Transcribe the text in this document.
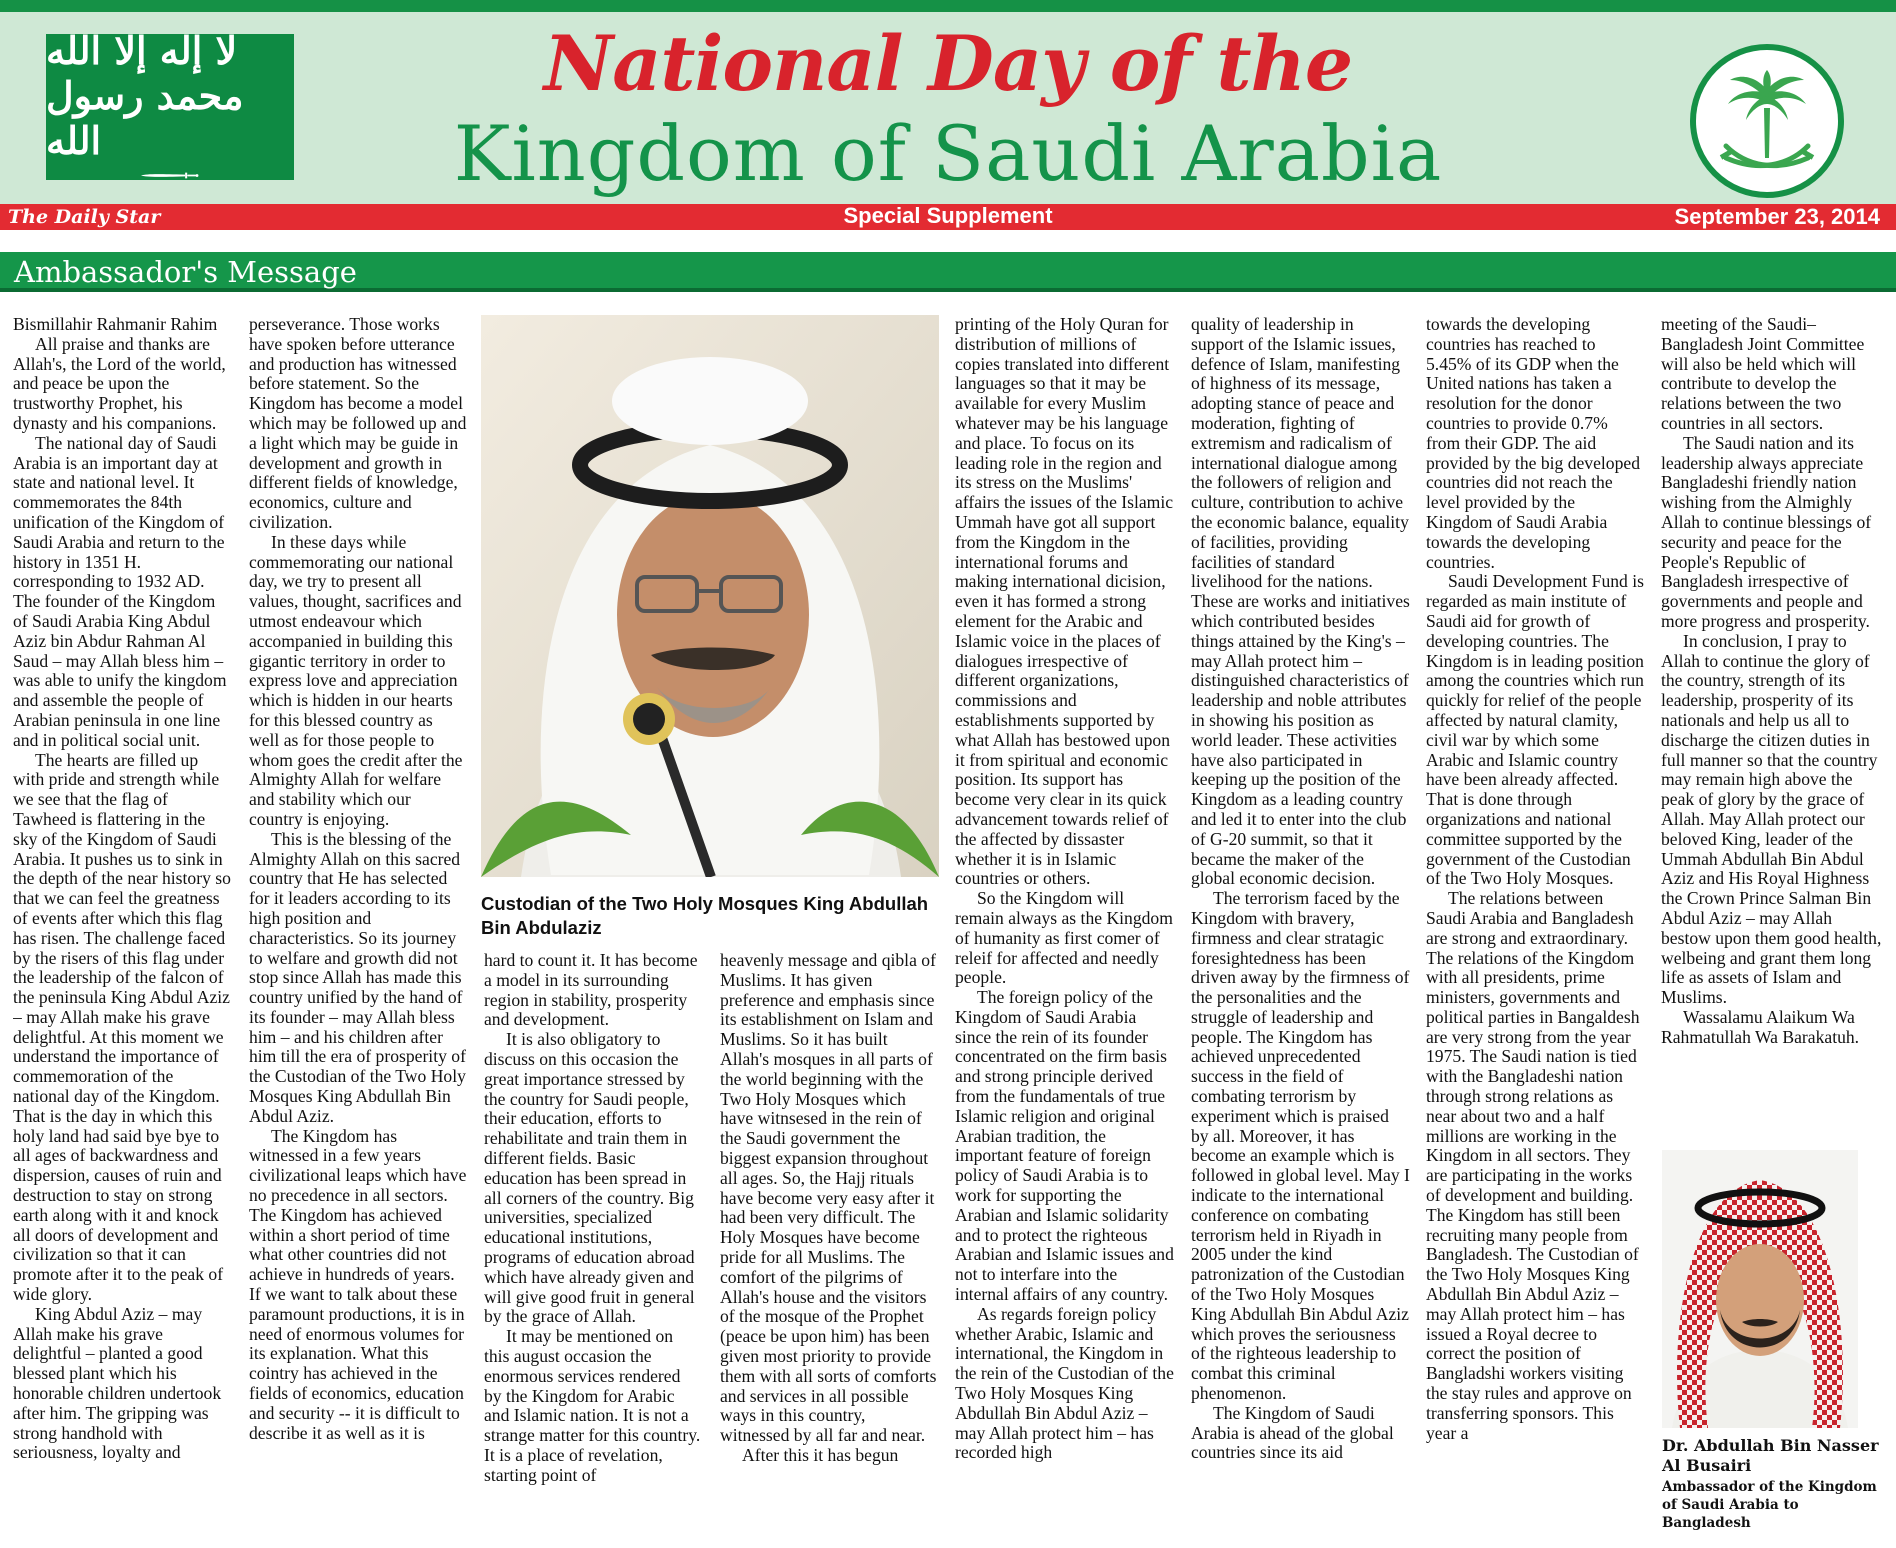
لا إله إلا الله محمد رسول الله
National Day of the
Kingdom of Saudi Arabia
The Daily Star	Special Supplement	September 23, 2014
Ambassador's Message

Bismillahir Rahmanir Rahim

All praise and thanks are Allah's, the Lord of the world, and peace be upon the trustworthy Prophet, his dynasty and his companions.

The national day of Saudi Arabia is an important day at state and national level. It commemorates the 84th unification of the Kingdom of Saudi Arabia and return to the history in 1351 H. corresponding to 1932 AD. The founder of the Kingdom of Saudi Arabia King Abdul Aziz bin Abdur Rahman Al Saud – may Allah bless him – was able to unify the kingdom and assemble the people of Arabian peninsula in one line and in political social unit.

The hearts are filled up with pride and strength while we see that the flag of Tawheed is flattering in the sky of the Kingdom of Saudi Arabia. It pushes us to sink in the depth of the near history so that we can feel the greatness of events after which this flag has risen. The challenge faced by the risers of this flag under the leadership of the falcon of the peninsula King Abdul Aziz – may Allah make his grave delightful. At this moment we understand the importance of commemoration of the national day of the Kingdom. That is the day in which this holy land had said bye bye to all ages of backwardness and dispersion, causes of ruin and destruction to stay on strong earth along with it and knock all doors of development and civilization so that it can promote after it to the peak of wide glory.

King Abdul Aziz – may Allah make his grave delightful – planted a good blessed plant which his honorable children undertook after him. The gripping was strong handhold with seriousness, loyalty and

perseverance. Those works have spoken before utterance and production has witnessed before statement. So the Kingdom has become a model which may be followed up and a light which may be guide in development and growth in different fields of knowledge, economics, culture and civilization.

In these days while commemorating our national day, we try to present all values, thought, sacrifices and utmost endeavour which accompanied in building this gigantic territory in order to express love and appreciation which is hidden in our hearts for this blessed country as well as for those people to whom goes the credit after the Almighty Allah for welfare and stability which our country is enjoying.

This is the blessing of the Almighty Allah on this sacred country that He has selected for it leaders according to its high position and characteristics. So its journey to welfare and growth did not stop since Allah has made this country unified by the hand of its founder – may Allah bless him – and his children after him till the era of prosperity of the Custodian of the Two Holy Mosques King Abdullah Bin Abdul Aziz.

The Kingdom has witnessed in a few years civilizational leaps which have no precedence in all sectors. The Kingdom has achieved within a short period of time what other countries did not achieve in hundreds of years. If we want to talk about these paramount productions, it is in need of enormous volumes for its explanation. What this cointry has achieved in the fields of economics, education and security -- it is difficult to describe it as well as it is

Custodian of the Two Holy Mosques King Abdullah Bin Abdulaziz

hard to count it. It has become a model in its surrounding region in stability, prosperity and development.

It is also obligatory to discuss on this occasion the great importance stressed by the country for Saudi people, their education, efforts to rehabilitate and train them in different fields. Basic education has been spread in all corners of the country. Big universities, specialized educational institutions, programs of education abroad which have already given and will give good fruit in general by the grace of Allah.

It may be mentioned on this august occasion the enormous services rendered by the Kingdom for Arabic and Islamic nation. It is not a strange matter for this country. It is a place of revelation, starting point of

heavenly message and qibla of Muslims. It has given preference and emphasis since its establishment on Islam and Muslims. So it has built Allah's mosques in all parts of the world beginning with the Two Holy Mosques which have witnsesed in the rein of the Saudi government the biggest expansion throughout all ages. So, the Hajj rituals have become very easy after it had been very difficult. The Holy Mosques have become pride for all Muslims. The comfort of the pilgrims of Allah's house and the visitors of the mosque of the Prophet (peace be upon him) has been given most priority to provide them with all sorts of comforts and services in all possible ways in this country, witnessed by all far and near.

After this it has begun

printing of the Holy Quran for distribution of millions of copies translated into different languages so that it may be available for every Muslim whatever may be his language and place. To focus on its leading role in the region and its stress on the Muslims' affairs the issues of the Islamic Ummah have got all support from the Kingdom in the international forums and making international dicision, even it has formed a strong element for the Arabic and Islamic voice in the places of dialogues irrespective of different organizations, commissions and establishments supported by what Allah has bestowed upon it from spiritual and economic position. Its support has become very clear in its quick advancement towards relief of the affected by dissaster whether it is in Islamic countries or others.

So the Kingdom will remain always as the Kingdom of humanity as first comer of releif for affected and needly people.

The foreign policy of the Kingdom of Saudi Arabia since the rein of its founder concentrated on the firm basis and strong principle derived from the fundamentals of true Islamic religion and original Arabian tradition, the important feature of foreign policy of Saudi Arabia is to work for supporting the Arabian and Islamic solidarity and to protect the righteous Arabian and Islamic issues and not to interfare into the internal affairs of any country.

As regards foreign policy whether Arabic, Islamic and international, the Kingdom in the rein of the Custodian of the Two Holy Mosques King Abdullah Bin Abdul Aziz – may Allah protect him – has recorded high

quality of leadership in support of the Islamic issues, defence of Islam, manifesting of highness of its message, adopting stance of peace and moderation, fighting of extremism and radicalism of international dialogue among the followers of religion and culture, contribution to achive the economic balance, equality of facilities, providing facilities of standard livelihood for the nations. These are works and initiatives which contributed besides things attained by the King's – may Allah protect him – distinguished characteristics of leadership and noble attributes in showing his position as world leader. These activities have also participated in keeping up the position of the Kingdom as a leading country and led it to enter into the club of G-20 summit, so that it became the maker of the global economic decision.

The terrorism faced by the Kingdom with bravery, firmness and clear stratagic foresightedness has been driven away by the firmness of the personalities and the struggle of leadership and people. The Kingdom has achieved unprecedented success in the field of combating terrorism by experiment which is praised by all. Moreover, it has become an example which is followed in global level. May I indicate to the international conference on combating terrorism held in Riyadh in 2005 under the kind patronization of the Custodian of the Two Holy Mosques King Abdullah Bin Abdul Aziz which proves the seriousness of the righteous leadership to combat this criminal phenomenon.

The Kingdom of Saudi Arabia is ahead of the global countries since its aid

towards the developing countries has reached to 5.45% of its GDP when the United nations has taken a resolution for the donor countries to provide 0.7% from their GDP. The aid provided by the big developed countries did not reach the level provided by the Kingdom of Saudi Arabia towards the developing countries.

Saudi Development Fund is regarded as main institute of Saudi aid for growth of developing countries. The Kingdom is in leading position among the countries which run quickly for relief of the people affected by natural clamity, civil war by which some Arabic and Islamic country have been already affected. That is done through organizations and national committee supported by the government of the Custodian of the Two Holy Mosques.

The relations between Saudi Arabia and Bangladesh are strong and extraordinary. The relations of the Kingdom with all presidents, prime ministers, governments and political parties in Bangaldesh are very strong from the year 1975. The Saudi nation is tied with the Bangladeshi nation through strong relations as near about two and a half millions are working in the Kingdom in all sectors. They are participating in the works of development and building. The Kingdom has still been recruiting many people from Bangladesh. The Custodian of the Two Holy Mosques King Abdullah Bin Abdul Aziz – may Allah protect him – has issued a Royal decree to correct the position of Bangladshi workers visiting the stay rules and approve on transferring sponsors. This year a

meeting of the Saudi–Bangladesh Joint Committee will also be held which will contribute to develop the relations between the two countries in all sectors.

The Saudi nation and its leadership always appreciate Bangladeshi friendly nation wishing from the Almighly Allah to continue blessings of security and peace for the People's Republic of Bangladesh irrespective of governments and people and more progress and prosperity.

In conclusion, I pray to Allah to continue the glory of the country, strength of its leadership, prosperity of its nationals and help us all to discharge the citizen duties in full manner so that the country may remain high above the peak of glory by the grace of Allah. May Allah protect our beloved King, leader of the Ummah Abdullah Bin Abdul Aziz and His Royal Highness the Crown Prince Salman Bin Abdul Aziz – may Allah bestow upon them good health, welbeing and grant them long life as assets of Islam and Muslims.

Wassalamu Alaikum Wa Rahmatullah Wa Barakatuh.

Dr. Abdullah Bin Nasser
Al Busairi
Ambassador of the Kingdom
of Saudi Arabia to Bangladesh
